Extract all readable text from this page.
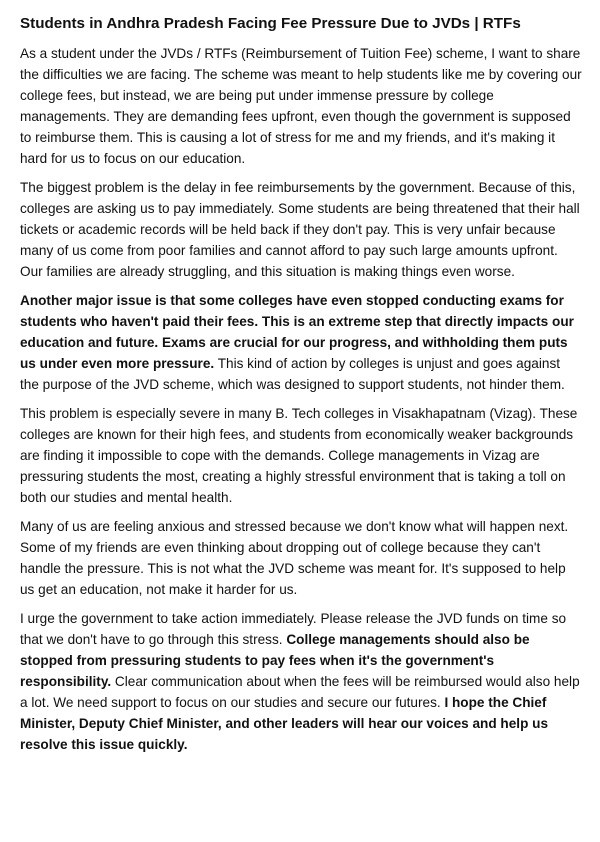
Students in Andhra Pradesh Facing Fee Pressure Due to JVDs | RTFs

As a student under the JVDs / RTFs (Reimbursement of Tuition Fee) scheme, I want to share the difficulties we are facing. The scheme was meant to help students like me by covering our college fees, but instead, we are being put under immense pressure by college managements. They are demanding fees upfront, even though the government is supposed to reimburse them. This is causing a lot of stress for me and my friends, and it's making it hard for us to focus on our education.

The biggest problem is the delay in fee reimbursements by the government. Because of this, colleges are asking us to pay immediately. Some students are being threatened that their hall tickets or academic records will be held back if they don't pay. This is very unfair because many of us come from poor families and cannot afford to pay such large amounts upfront. Our families are already struggling, and this situation is making things even worse.

Another major issue is that some colleges have even stopped conducting exams for students who haven't paid their fees. This is an extreme step that directly impacts our education and future. Exams are crucial for our progress, and withholding them puts us under even more pressure. This kind of action by colleges is unjust and goes against the purpose of the JVD scheme, which was designed to support students, not hinder them.

This problem is especially severe in many B. Tech colleges in Visakhapatnam (Vizag). These colleges are known for their high fees, and students from economically weaker backgrounds are finding it impossible to cope with the demands. College managements in Vizag are pressuring students the most, creating a highly stressful environment that is taking a toll on both our studies and mental health.

Many of us are feeling anxious and stressed because we don't know what will happen next. Some of my friends are even thinking about dropping out of college because they can't handle the pressure. This is not what the JVD scheme was meant for. It's supposed to help us get an education, not make it harder for us.

I urge the government to take action immediately. Please release the JVD funds on time so that we don't have to go through this stress. College managements should also be stopped from pressuring students to pay fees when it's the government's responsibility. Clear communication about when the fees will be reimbursed would also help a lot. We need support to focus on our studies and secure our futures. I hope the Chief Minister, Deputy Chief Minister, and other leaders will hear our voices and help us resolve this issue quickly.
